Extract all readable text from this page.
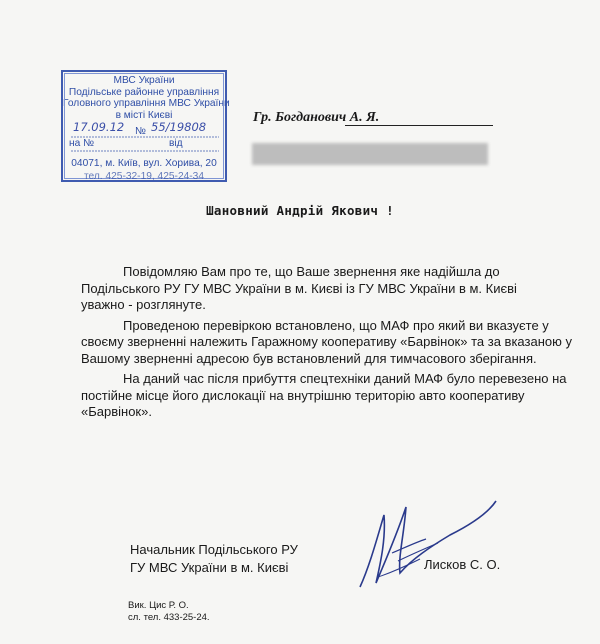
МВС України
Подільське районне управління
Головного управління МВС України
в місті Києві
17.09.12 № 55/19808
на №	від
04071, м. Київ, вул. Хорива, 20
тел. 425-32-19, 425-24-34
Гр. Богданович А. Я.
Шановний Андрій Якович !

Повідомляю Вам про те, що Ваше звернення яке надійшла до
Подільського РУ ГУ МВС України в м. Києві із ГУ МВС України в м. Києві
уважно - розглянуте.

Проведеною перевіркою встановлено, що МАФ про який ви вказуєте у
своєму зверненні належить Гаражному кооперативу «Барвінок» та за вказаною у
Вашому зверненні адресою був встановлений для тимчасового зберігання.

На даний час після прибуття спецтехніки даний МАФ було перевезено на
постійне місце його дислокації на внутрішню територію авто кооперативу
«Барвінок».

Начальник Подільського РУ
ГУ МВС України в м. Києві	Лисков С. О.
Вик. Цис Р. О.
сл. тел. 433-25-24.
